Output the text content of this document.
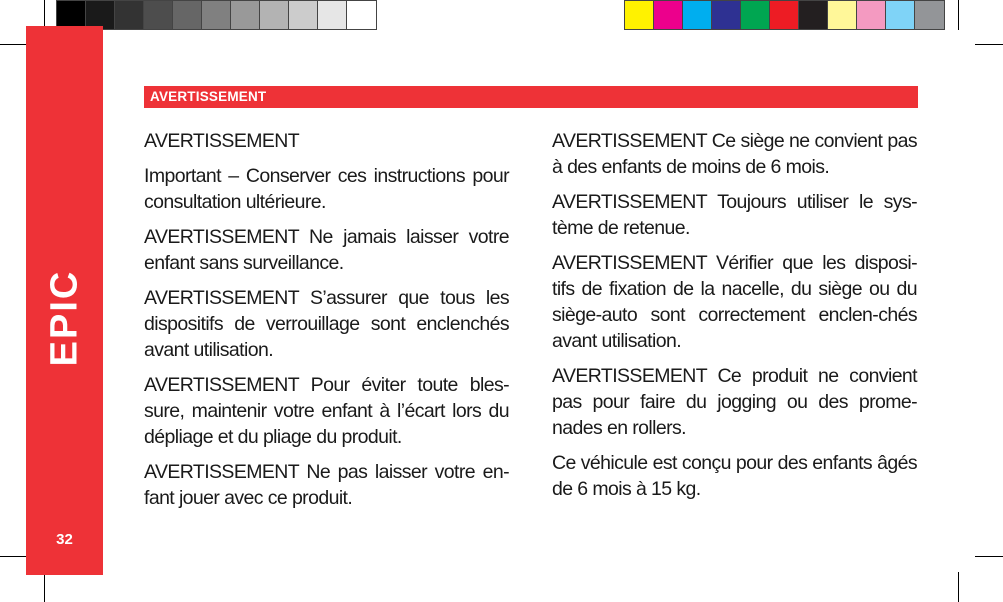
EPIC
32
AVERTISSEMENT

AVERTISSEMENT

Important – Conserver ces instructions pour consultation ultérieure.

AVERTISSEMENT Ne jamais laisser votre enfant sans surveillance.

AVERTISSEMENT S’assurer que tous les dispositifs de verrouillage sont enclenchés avant utilisation.

AVERTISSEMENT Pour éviter toute bles-sure, maintenir votre enfant à l’écart lors du dépliage et du pliage du produit.

AVERTISSEMENT Ne pas laisser votre en-fant jouer avec ce produit.

AVERTISSEMENT Ce siège ne convient pas à des enfants de moins de 6 mois.

AVERTISSEMENT Toujours utiliser le sys-tème de retenue.

AVERTISSEMENT Vérifier que les disposi-tifs de fixation de la nacelle, du siège ou du siège-auto sont correctement enclen-chés avant utilisation.

AVERTISSEMENT Ce produit ne convient pas pour faire du jogging ou des prome-nades en rollers.

Ce véhicule est conçu pour des enfants âgés de 6 mois à 15 kg.
